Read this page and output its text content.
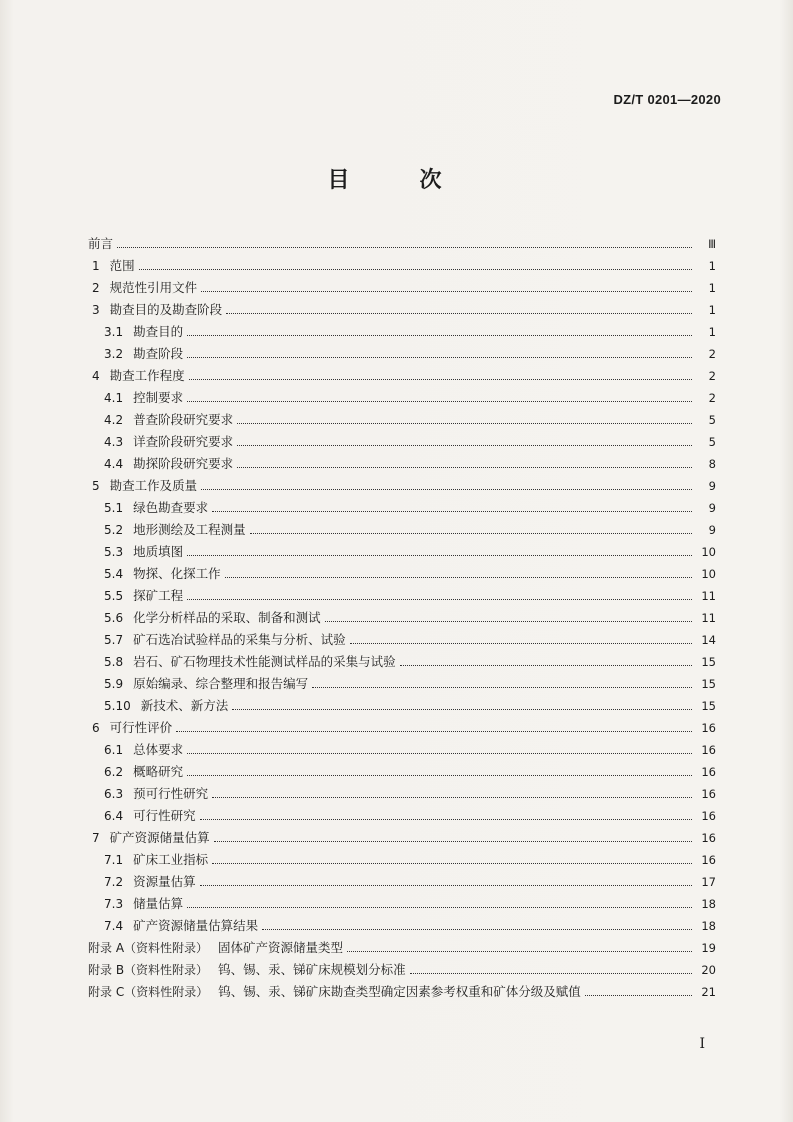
DZ/T 0201—2020
目　次
前言	Ⅲ
1 范围	1
2 规范性引用文件	1
3 勘查目的及勘查阶段	1
3.1 勘查目的	1
3.2 勘查阶段	2
4 勘查工作程度	2
4.1 控制要求	2
4.2 普查阶段研究要求	5
4.3 详查阶段研究要求	5
4.4 勘探阶段研究要求	8
5 勘查工作及质量	9
5.1 绿色勘查要求	9
5.2 地形测绘及工程测量	9
5.3 地质填图	10
5.4 物探、化探工作	10
5.5 探矿工程	11
5.6 化学分析样品的采取、制备和测试	11
5.7 矿石选冶试验样品的采集与分析、试验	14
5.8 岩石、矿石物理技术性能测试样品的采集与试验	15
5.9 原始编录、综合整理和报告编写	15
5.10 新技术、新方法	15
6 可行性评价	16
6.1 总体要求	16
6.2 概略研究	16
6.3 预可行性研究	16
6.4 可行性研究	16
7 矿产资源储量估算	16
7.1 矿床工业指标	16
7.2 资源量估算	17
7.3 储量估算	18
7.4 矿产资源储量估算结果	18
附录 A（资料性附录） 固体矿产资源储量类型	19
附录 B（资料性附录） 钨、锡、汞、锑矿床规模划分标准	20
附录 C（资料性附录） 钨、锡、汞、锑矿床勘查类型确定因素参考权重和矿体分级及赋值	21
I
